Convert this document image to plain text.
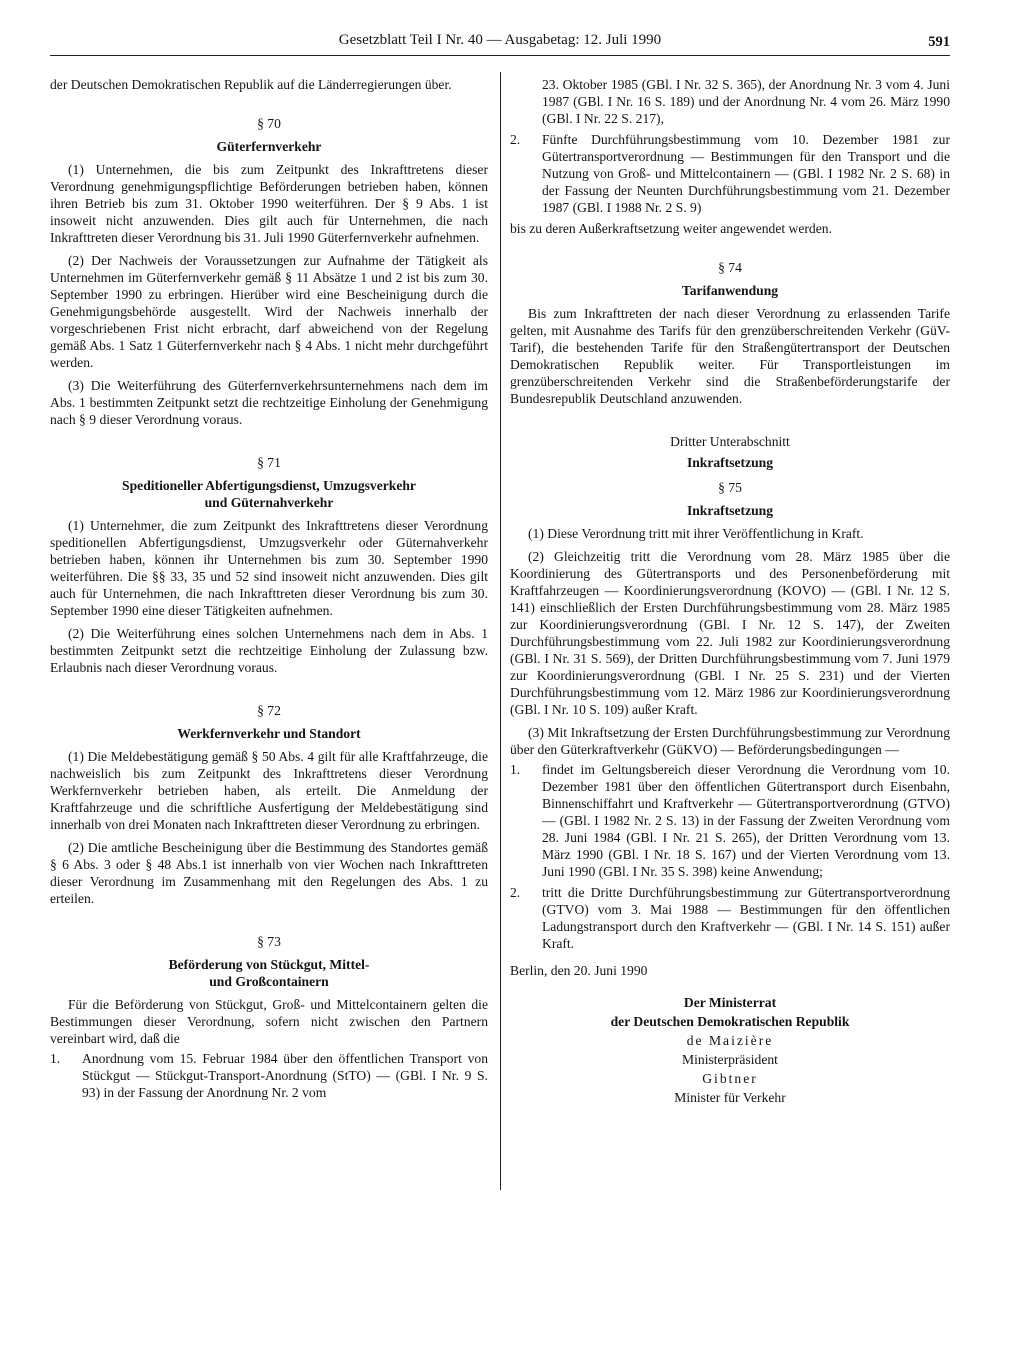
Gesetzblatt Teil I Nr. 40 — Ausgabetag: 12. Juli 1990	591

der Deutschen Demokratischen Republik auf die Länderregierungen über.

§ 70
Güterfernverkehr

(1) Unternehmen, die bis zum Zeitpunkt des Inkrafttretens dieser Verordnung genehmigungspflichtige Beförderungen betrieben haben, können ihren Betrieb bis zum 31. Oktober 1990 weiterführen. Der § 9 Abs. 1 ist insoweit nicht anzuwenden. Dies gilt auch für Unternehmen, die nach Inkrafttreten dieser Verordnung bis 31. Juli 1990 Güterfernverkehr aufnehmen.

(2) Der Nachweis der Voraussetzungen zur Aufnahme der Tätigkeit als Unternehmen im Güterfernverkehr gemäß § 11 Absätze 1 und 2 ist bis zum 30. September 1990 zu erbringen. Hierüber wird eine Bescheinigung durch die Genehmigungsbehörde ausgestellt. Wird der Nachweis innerhalb der vorgeschriebenen Frist nicht erbracht, darf abweichend von der Regelung gemäß Abs. 1 Satz 1 Güterfernverkehr nach § 4 Abs. 1 nicht mehr durchgeführt werden.

(3) Die Weiterführung des Güterfernverkehrsunternehmens nach dem im Abs. 1 bestimmten Zeitpunkt setzt die rechtzeitige Einholung der Genehmigung nach § 9 dieser Verordnung voraus.

§ 71
Speditioneller Abfertigungsdienst, Umzugsverkehr
und Güternahverkehr

(1) Unternehmer, die zum Zeitpunkt des Inkrafttretens dieser Verordnung speditionellen Abfertigungsdienst, Umzugsverkehr oder Güternahverkehr betrieben haben, können ihr Unternehmen bis zum 30. September 1990 weiterführen. Die §§ 33, 35 und 52 sind insoweit nicht anzuwenden. Dies gilt auch für Unternehmen, die nach Inkrafttreten dieser Verordnung bis zum 30. September 1990 eine dieser Tätigkeiten aufnehmen.

(2) Die Weiterführung eines solchen Unternehmens nach dem in Abs. 1 bestimmten Zeitpunkt setzt die rechtzeitige Einholung der Zulassung bzw. Erlaubnis nach dieser Verordnung voraus.

§ 72
Werkfernverkehr und Standort

(1) Die Meldebestätigung gemäß § 50 Abs. 4 gilt für alle Kraftfahrzeuge, die nachweislich bis zum Zeitpunkt des Inkrafttretens dieser Verordnung Werkfernverkehr betrieben haben, als erteilt. Die Anmeldung der Kraftfahrzeuge und die schriftliche Ausfertigung der Meldebestätigung sind innerhalb von drei Monaten nach Inkrafttreten dieser Verordnung zu erbringen.

(2) Die amtliche Bescheinigung über die Bestimmung des Standortes gemäß § 6 Abs. 3 oder § 48 Abs.1 ist innerhalb von vier Wochen nach Inkrafttreten dieser Verordnung im Zusammenhang mit den Regelungen des Abs. 1 zu erteilen.

§ 73
Beförderung von Stückgut, Mittel-
und Großcontainern

Für die Beförderung von Stückgut, Groß- und Mittelcontainern gelten die Bestimmungen dieser Verordnung, sofern nicht zwischen den Partnern vereinbart wird, daß die

1.	Anordnung vom 15. Februar 1984 über den öffentlichen Transport von Stückgut — Stückgut-Transport-Anordnung (StTO) — (GBl. I Nr. 9 S. 93) in der Fassung der Anordnung Nr. 2 vom
23. Oktober 1985 (GBl. I Nr. 32 S. 365), der Anordnung Nr. 3 vom 4. Juni 1987 (GBl. I Nr. 16 S. 189) und der Anordnung Nr. 4 vom 26. März 1990 (GBl. I Nr. 22 S. 217),
2.	Fünfte Durchführungsbestimmung vom 10. Dezember 1981 zur Gütertransportverordnung — Bestimmungen für den Transport und die Nutzung von Groß- und Mittelcontainern — (GBl. I 1982 Nr. 2 S. 68) in der Fassung der Neunten Durchführungsbestimmung vom 21. Dezember 1987 (GBl. I 1988 Nr. 2 S. 9)

bis zu deren Außerkraftsetzung weiter angewendet werden.

§ 74
Tarifanwendung

Bis zum Inkrafttreten der nach dieser Verordnung zu erlassenden Tarife gelten, mit Ausnahme des Tarifs für den grenzüberschreitenden Verkehr (GüV-Tarif), die bestehenden Tarife für den Straßengütertransport der Deutschen Demokratischen Republik weiter. Für Transportleistungen im grenzüberschreitenden Verkehr sind die Straßenbeförderungstarife der Bundesrepublik Deutschland anzuwenden.

Dritter Unterabschnitt
Inkraftsetzung
§ 75
Inkraftsetzung

(1) Diese Verordnung tritt mit ihrer Veröffentlichung in Kraft.

(2) Gleichzeitig tritt die Verordnung vom 28. März 1985 über die Koordinierung des Gütertransports und des Personenbeförderung mit Kraftfahrzeugen — Koordinierungsverordnung (KOVO) — (GBl. I Nr. 12 S. 141) einschließlich der Ersten Durchführungsbestimmung vom 28. März 1985 zur Koordinierungsverordnung (GBl. I Nr. 12 S. 147), der Zweiten Durchführungsbestimmung vom 22. Juli 1982 zur Koordinierungsverordnung (GBl. I Nr. 31 S. 569), der Dritten Durchführungsbestimmung vom 7. Juni 1979 zur Koordinierungsverordnung (GBl. I Nr. 25 S. 231) und der Vierten Durchführungsbestimmung vom 12. März 1986 zur Koordinierungsverordnung (GBl. I Nr. 10 S. 109) außer Kraft.

(3) Mit Inkraftsetzung der Ersten Durchführungsbestimmung zur Verordnung über den Güterkraftverkehr (GüKVO) — Beförderungsbedingungen —

1.	findet im Geltungsbereich dieser Verordnung die Verordnung vom 10. Dezember 1981 über den öffentlichen Gütertransport durch Eisenbahn, Binnenschiffahrt und Kraftverkehr — Gütertransportverordnung (GTVO) — (GBl. I 1982 Nr. 2 S. 13) in der Fassung der Zweiten Verordnung vom 28. Juni 1984 (GBl. I Nr. 21 S. 265), der Dritten Verordnung vom 13. März 1990 (GBl. I Nr. 18 S. 167) und der Vierten Verordnung vom 13. Juni 1990 (GBl. I Nr. 35 S. 398) keine Anwendung;
2.	tritt die Dritte Durchführungsbestimmung zur Gütertransportverordnung (GTVO) vom 3. Mai 1988 — Bestimmungen für den öffentlichen Ladungstransport durch den Kraftverkehr — (GBl. I Nr. 14 S. 151) außer Kraft.

Berlin, den 20. Juni 1990

Der Ministerrat
der Deutschen Demokratischen Republik
de Maizière
Ministerpräsident
Gibtner
Minister für Verkehr
